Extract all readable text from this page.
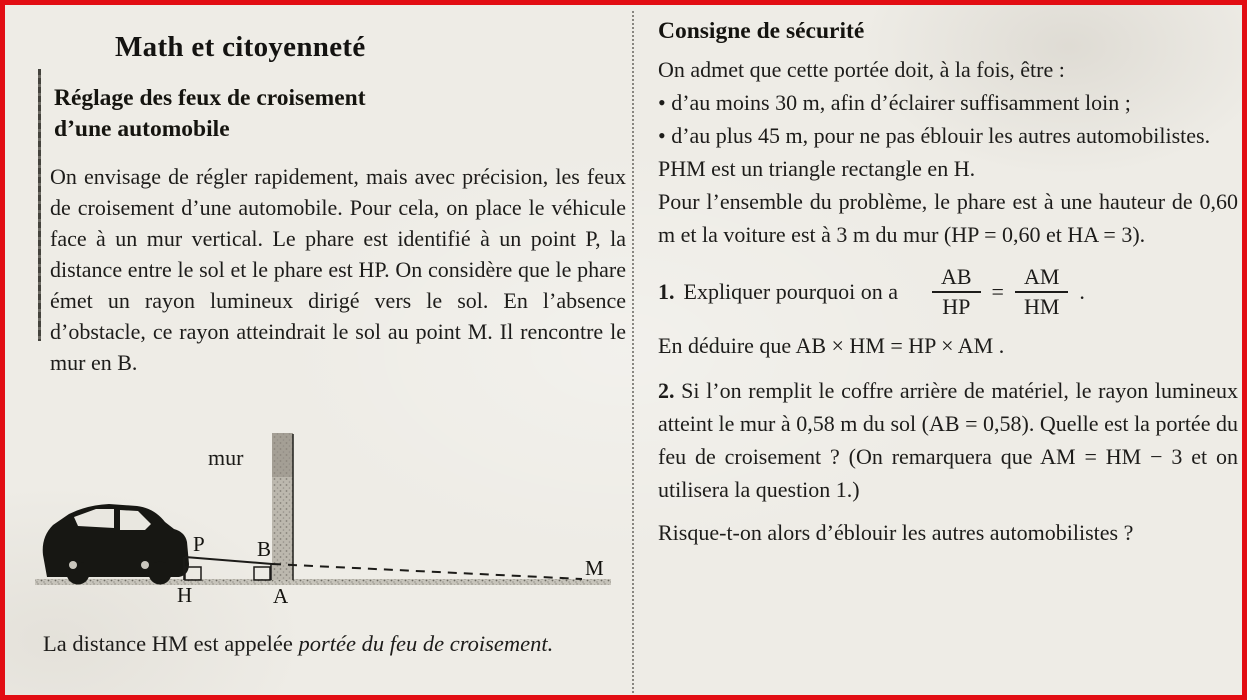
Math et citoyenneté
Réglage des feux de croisement
d’une automobile
On envisage de régler rapidement, mais avec précision, les feux de croisement d’une automobile. Pour cela, on place le véhicule face à un mur vertical. Le phare est identifié à un point P, la distance entre le sol et le phare est HP. On considère que le phare émet un rayon lumineux dirigé vers le sol. En l’absence d’obstacle, ce rayon atteindrait le sol au point M. Il rencontre le mur en B.
mur
P B
H	A
M
La distance HM est appelée portée du feu de croisement.
Consigne de sécurité

On admet que cette portée doit, à la fois, être :

• d’au moins 30 m, afin d’éclairer suffisamment loin ;

• d’au plus 45 m, pour ne pas éblouir les autres automobilistes.

PHM est un triangle rectangle en H.

Pour l’ensemble du problème, le phare est à une hauteur de 0,60 m et la voiture est à 3 m du mur (HP = 0,60 et HA = 3).

1. Expliquer pourquoi on a $\frac{AB}{HP} = \frac{AM}{HM}$ .

En déduire que AB × HM = HP × AM .

2. Si l’on remplit le coffre arrière de matériel, le rayon lumineux atteint le mur à 0,58 m du sol (AB = 0,58). Quelle est la portée du feu de croisement ? (On remarquera que AM = HM − 3 et on utilisera la question 1.)

Risque-t-on alors d’éblouir les autres automobilistes ?
